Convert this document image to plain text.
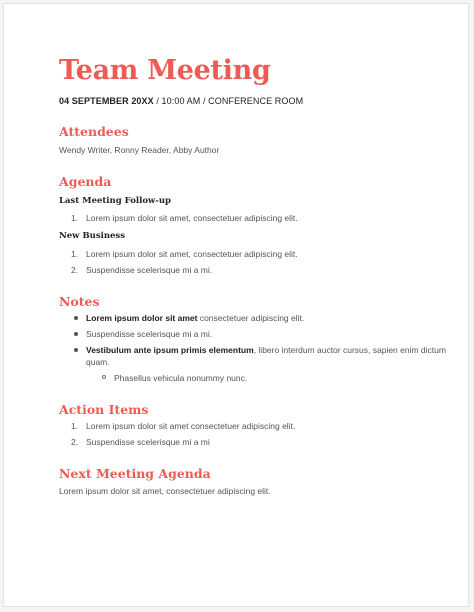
Team Meeting
04 SEPTEMBER 20XX / 10:00 AM / CONFERENCE ROOM
Attendees
Wendy Writer, Ronny Reader, Abby Author
Agenda
Last Meeting Follow-up
1. Lorem ipsum dolor sit amet, consectetuer adipiscing elit.
New Business
1. Lorem ipsum dolor sit amet, consectetuer adipiscing elit.
2. Suspendisse scelerisque mi a mi.
Notes
Lorem ipsum dolor sit amet consectetuer adipiscing elit.
Suspendisse scelerisque mi a mi.
Vestibulum ante ipsum primis elementum, libero interdum auctor cursus, sapien enim dictum quam.
Phasellus vehicula nonummy nunc.
Action Items
1. Lorem ipsum dolor sit amet consectetuer adipiscing elit.
2. Suspendisse scelerisque mi a mi
Next Meeting Agenda
Lorem ipsum dolor sit amet, consectetuer adipiscing elit.
